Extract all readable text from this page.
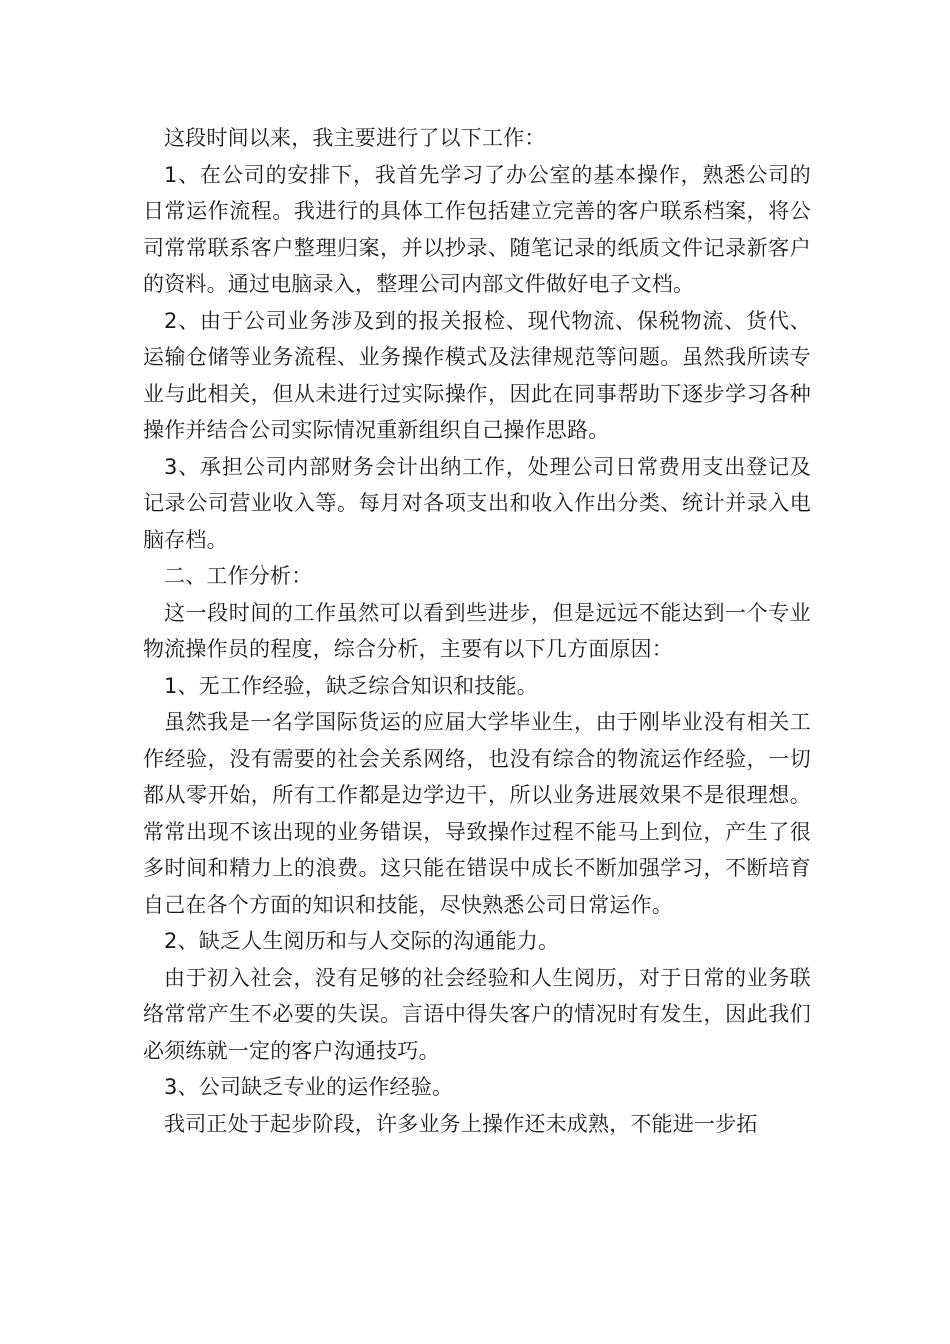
这段时间以来，我主要进行了以下工作：

1、在公司的安排下，我首先学习了办公室的基本操作，熟悉公司的日常运作流程。我进行的具体工作包括建立完善的客户联系档案，将公司常常联系客户整理归案，并以抄录、随笔记录的纸质文件记录新客户的资料。通过电脑录入，整理公司内部文件做好电子文档。

2、由于公司业务涉及到的报关报检、现代物流、保税物流、货代、运输仓储等业务流程、业务操作模式及法律规范等问题。虽然我所读专业与此相关，但从未进行过实际操作，因此在同事帮助下逐步学习各种操作并结合公司实际情况重新组织自己操作思路。

3、承担公司内部财务会计出纳工作，处理公司日常费用支出登记及记录公司营业收入等。每月对各项支出和收入作出分类、统计并录入电脑存档。

二、工作分析：

这一段时间的工作虽然可以看到些进步，但是远远不能达到一个专业物流操作员的程度，综合分析，主要有以下几方面原因：

1、无工作经验，缺乏综合知识和技能。

虽然我是一名学国际货运的应届大学毕业生，由于刚毕业没有相关工作经验，没有需要的社会关系网络，也没有综合的物流运作经验，一切都从零开始，所有工作都是边学边干，所以业务进展效果不是很理想。常常出现不该出现的业务错误，导致操作过程不能马上到位，产生了很多时间和精力上的浪费。这只能在错误中成长不断加强学习，不断培育自己在各个方面的知识和技能，尽快熟悉公司日常运作。

2、缺乏人生阅历和与人交际的沟通能力。

由于初入社会，没有足够的社会经验和人生阅历，对于日常的业务联络常常产生不必要的失误。言语中得失客户的情况时有发生，因此我们必须练就一定的客户沟通技巧。

3、公司缺乏专业的运作经验。

我司正处于起步阶段，许多业务上操作还未成熟，不能进一步拓
